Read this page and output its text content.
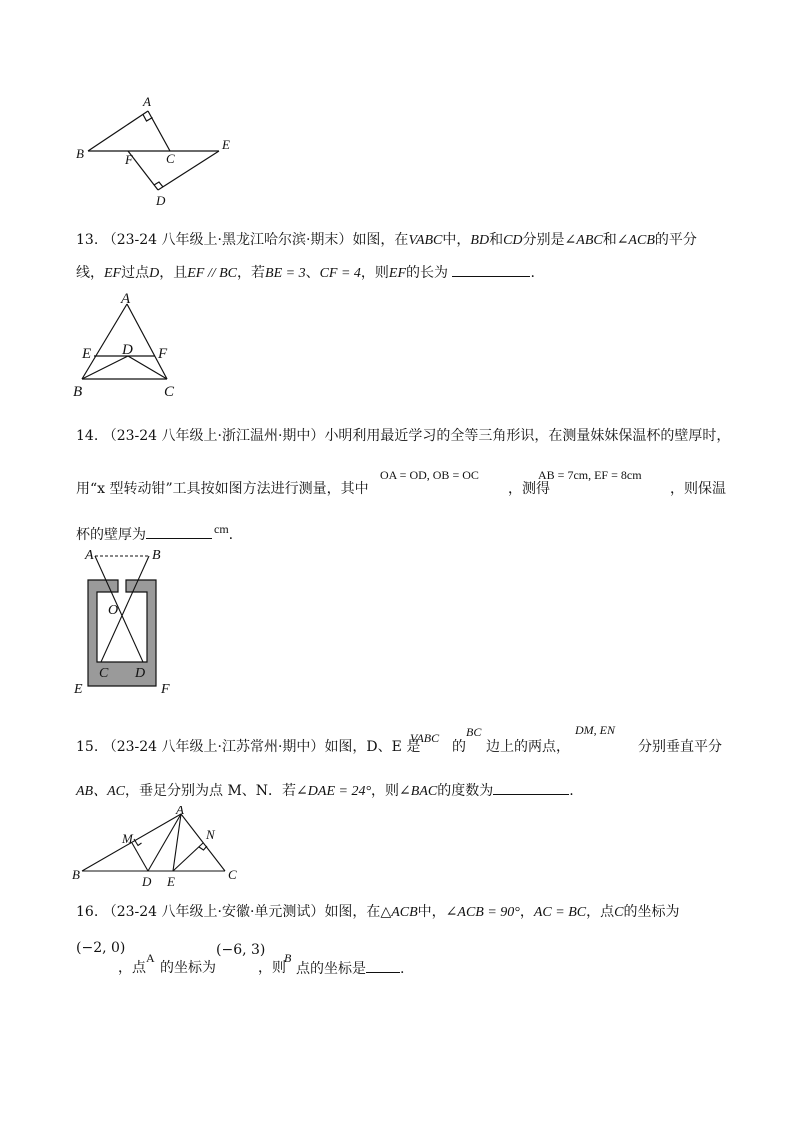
A
B	F	C
E
D
13. （23-24 八年级上·黑龙江哈尔滨·期末）如图，在VABC中，BD和CD分别是∠ABC和∠ACB的平分
线，EF过点D，且EF // BC，若BE = 3、CF = 4，则EF的长为	.
A
E D F
B	C
14. （23-24 八年级上·浙江温州·期中）小明利用最近学习的全等三角形识，在测量妹妹保温杯的壁厚时，
用“x 型转动钳”工具按如图方法进行测量，其中
OA = OD, OB = OC
，测得
AB = 7cm, EF = 8cm
，则保温
杯的壁厚为	cm.
A	B
O
C D
E	F
15. （23-24 八年级上·江苏常州·期中）如图，D、E 是
VABC
的
BC
边上的两点，
DM, EN
分别垂直平分
AB、AC，垂足分别为点 M、N．若∠DAE = 24°，则∠BAC的度数为	.
A
M	N
B	D E	C
16. （23-24 八年级上·安徽·单元测试）如图，在△ACB中，∠ACB = 90°，AC = BC，点C的坐标为
(−2, 0)
，点
A
的坐标为
(−6, 3)
，则
B
点的坐标是 .
